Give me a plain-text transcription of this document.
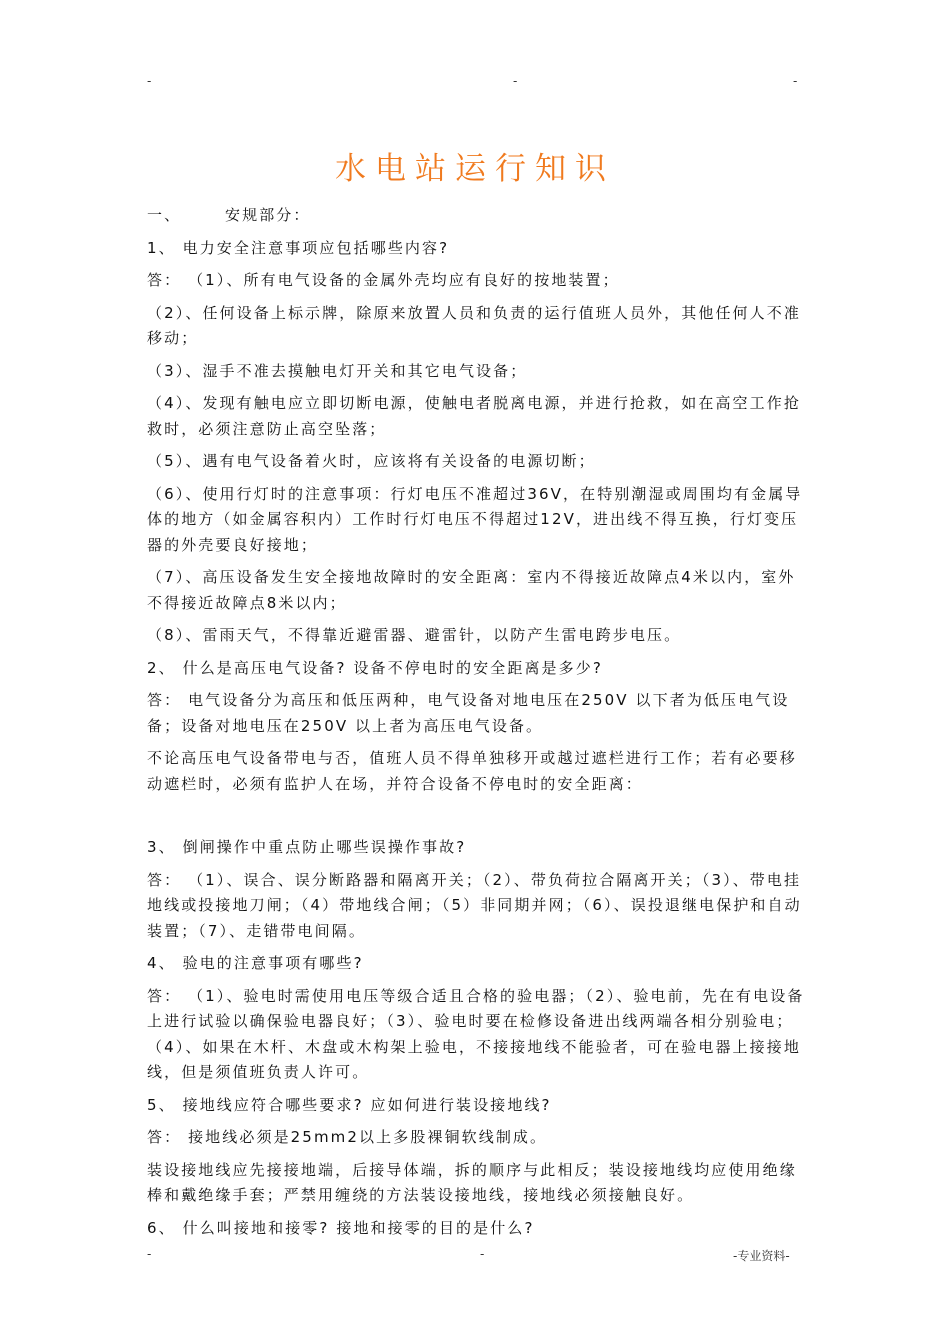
-	-	-
水电站运行知识

一、	安规部分：

1、 电力安全注意事项应包括哪些内容?

答： （1）、所有电气设备的金属外壳均应有良好的按地装置；

（2）、任何设备上标示牌，除原来放置人员和负责的运行值班人员外，其他任何人不准移动；

（3）、湿手不准去摸触电灯开关和其它电气设备；

（4）、发现有触电应立即切断电源，使触电者脱离电源，并进行抢救，如在高空工作抢救时，必须注意防止高空坠落；

（5）、遇有电气设备着火时，应该将有关设备的电源切断；

（6）、使用行灯时的注意事项：行灯电压不准超过36V，在特别潮湿或周围均有金属导体的地方（如金属容积内）工作时行灯电压不得超过12V，进出线不得互换，行灯变压器的外壳要良好接地；

（7）、高压设备发生安全接地故障时的安全距离：室内不得接近故障点4米以内，室外不得接近故障点8米以内；

（8）、雷雨天气，不得靠近避雷器、避雷针，以防产生雷电跨步电压。

2、 什么是高压电气设备? 设备不停电时的安全距离是多少?

答： 电气设备分为高压和低压两种，电气设备对地电压在250V 以下者为低压电气设备；设备对地电压在250V 以上者为高压电气设备。

不论高压电气设备带电与否，值班人员不得单独移开或越过遮栏进行工作；若有必要移动遮栏时，必须有监护人在场，并符合设备不停电时的安全距离：

3、 倒闸操作中重点防止哪些误操作事故?

答： （1）、误合、误分断路器和隔离开关；（2）、带负荷拉合隔离开关；（3）、带电挂地线或投接地刀闸；（4）带地线合闸；（5）非同期并网；（6）、误投退继电保护和自动装置；（7）、走错带电间隔。

4、 验电的注意事项有哪些?

答： （1）、验电时需使用电压等级合适且合格的验电器；（2）、验电前，先在有电设备上进行试验以确保验电器良好；（3）、验电时要在检修设备进出线两端各相分别验电；（4）、如果在木杆、木盘或木构架上验电，不接接地线不能验者，可在验电器上接接地线，但是须值班负责人许可。

5、 接地线应符合哪些要求? 应如何进行装设接地线?

答： 接地线必须是25mm2以上多股裸铜软线制成。

装设接地线应先接接地端，后接导体端，拆的顺序与此相反；装设接地线均应使用绝缘棒和戴绝缘手套；严禁用缠绕的方法装设接地线，接地线必须接触良好。

6、 什么叫接地和接零? 接地和接零的目的是什么?

-	-	-专业资料-
